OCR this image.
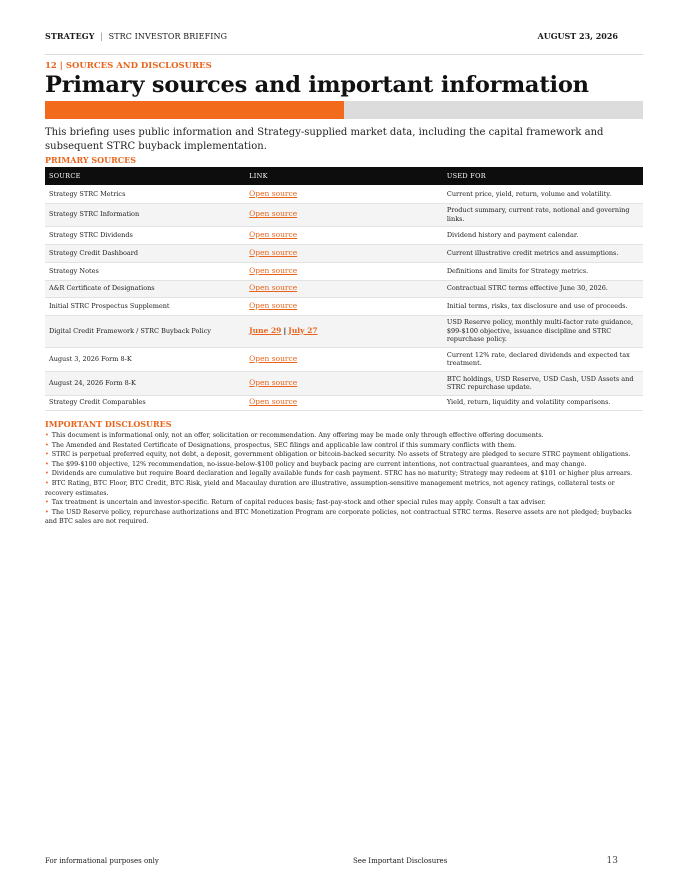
STRATEGY | STRC INVESTOR BRIEFING	AUGUST 23, 2026
12 | SOURCES AND DISCLOSURES
Primary sources and important information
This briefing uses public information and Strategy-supplied market data, including the capital framework and subsequent STRC buyback implementation.
PRIMARY SOURCES
SOURCE	LINK	USED FOR
Strategy STRC Metrics	Open source	Current price, yield, return, volume and volatility.
Strategy STRC Information	Open source	Product summary, current rate, notional and governing links.
Strategy STRC Dividends	Open source	Dividend history and payment calendar.
Strategy Credit Dashboard	Open source	Current illustrative credit metrics and assumptions.
Strategy Notes	Open source	Definitions and limits for Strategy metrics.
A&R Certificate of Designations	Open source	Contractual STRC terms effective June 30, 2026.
Initial STRC Prospectus Supplement	Open source	Initial terms, risks, tax disclosure and use of proceeds.
Digital Credit Framework / STRC Buyback Policy	June 29 | July 27	USD Reserve policy, monthly multi-factor rate guidance, $99-$100 objective, issuance discipline and STRC repurchase policy.
August 3, 2026 Form 8-K	Open source	Current 12% rate, declared dividends and expected tax treatment.
August 24, 2026 Form 8-K	Open source	BTC holdings, USD Reserve, USD Cash, USD Assets and STRC repurchase update.
Strategy Credit Comparables	Open source	Yield, return, liquidity and volatility comparisons.
IMPORTANT DISCLOSURES

• This document is informational only, not an offer, solicitation or recommendation. Any offering may be made only through effective offering documents.

• The Amended and Restated Certificate of Designations, prospectus, SEC filings and applicable law control if this summary conflicts with them.

• STRC is perpetual preferred equity, not debt, a deposit, government obligation or bitcoin-backed security. No assets of Strategy are pledged to secure STRC payment obligations.

• The $99-$100 objective, 12% recommendation, no-issue-below-$100 policy and buyback pacing are current intentions, not contractual guarantees, and may change.

• Dividends are cumulative but require Board declaration and legally available funds for cash payment. STRC has no maturity; Strategy may redeem at $101 or higher plus arrears.

• BTC Rating, BTC Floor, BTC Credit, BTC Risk, yield and Macaulay duration are illustrative, assumption-sensitive management metrics, not agency ratings, collateral tests or recovery estimates.

• Tax treatment is uncertain and investor-specific. Return of capital reduces basis; fast-pay-stock and other special rules may apply. Consult a tax adviser.

• The USD Reserve policy, repurchase authorizations and BTC Monetization Program are corporate policies, not contractual STRC terms. Reserve assets are not pledged; buybacks and BTC sales are not required.

For informational purposes only	See Important Disclosures	13
